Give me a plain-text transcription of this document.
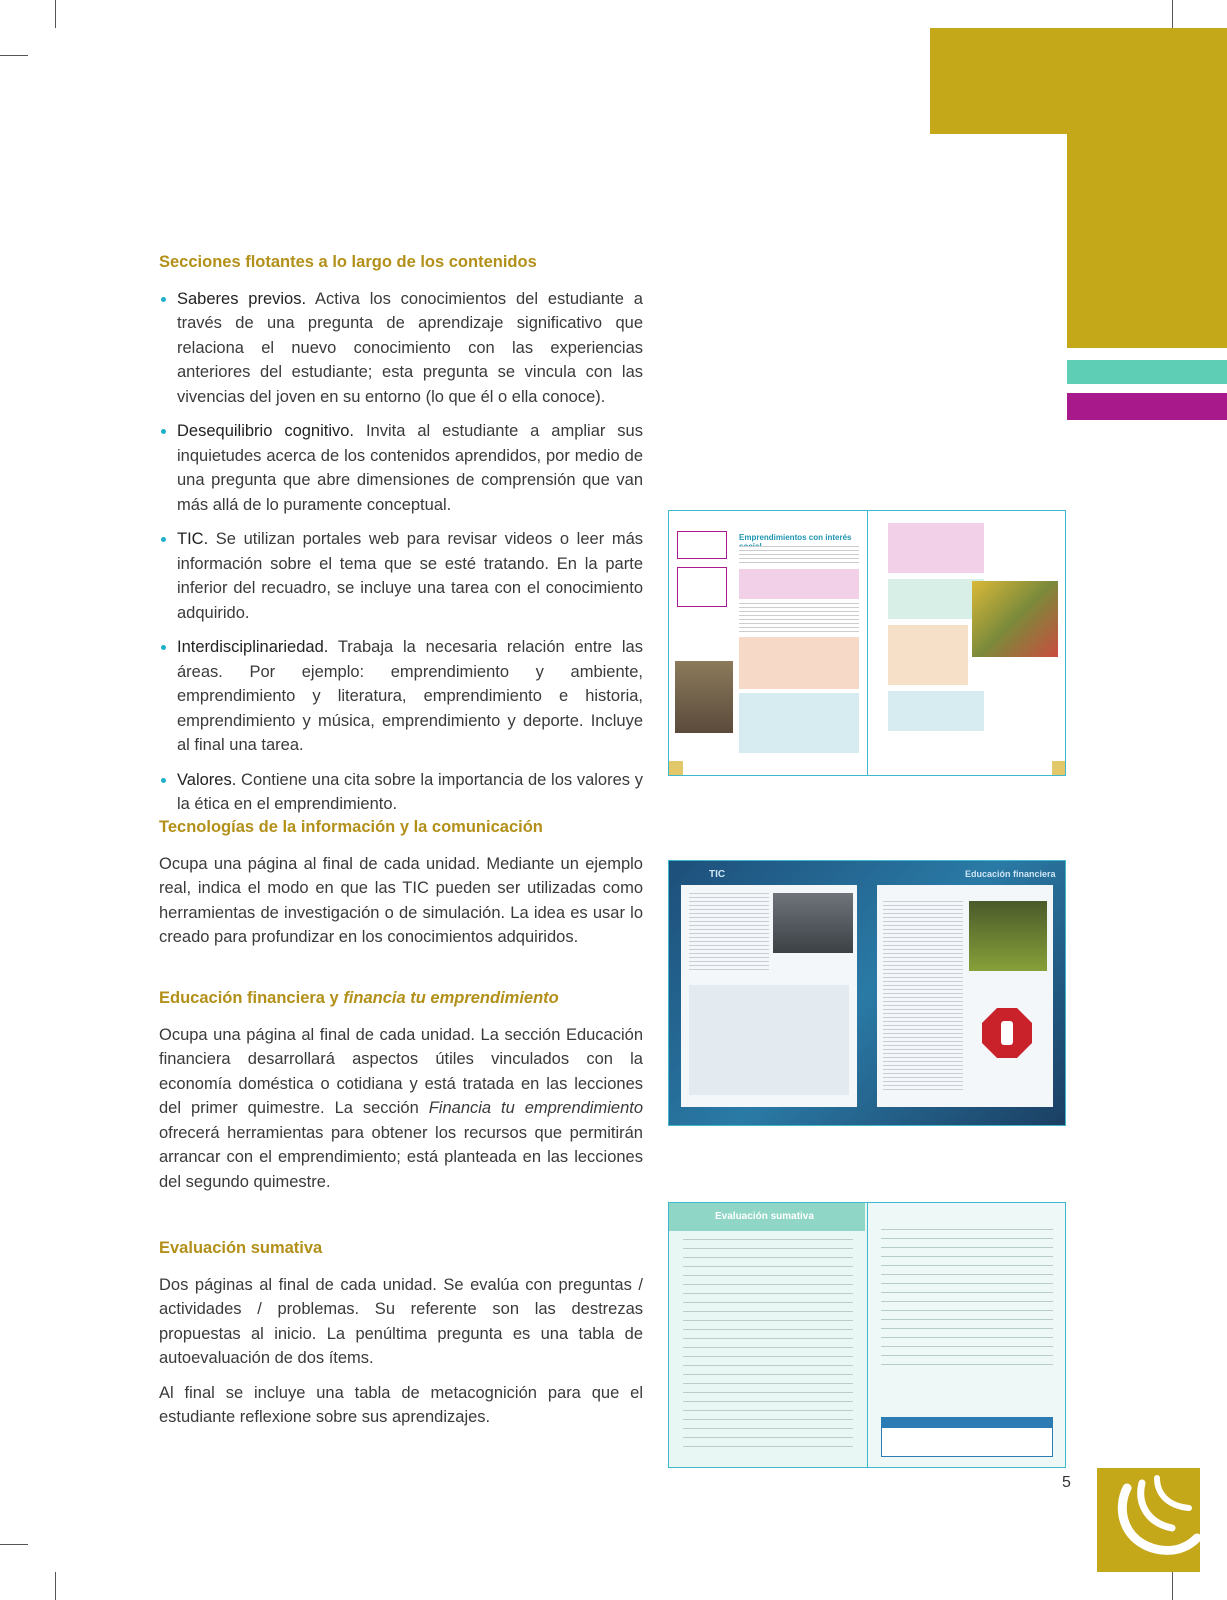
5
Secciones flotantes a lo largo de los contenidos
Saberes previos. Activa los conocimientos del estudiante a través de una pregunta de aprendizaje significativo que relaciona el nuevo conocimiento con las experiencias anteriores del estudiante; esta pregunta se vincula con las vivencias del joven en su entorno (lo que él o ella conoce).
Desequilibrio cognitivo. Invita al estudiante a ampliar sus inquietudes acerca de los contenidos aprendidos, por medio de una pregunta que abre dimensiones de comprensión que van más allá de lo puramente conceptual.
TIC. Se utilizan portales web para revisar videos o leer más información sobre el tema que se esté tratando. En la parte inferior del recuadro, se incluye una tarea con el conocimiento adquirido.
Interdisciplinariedad. Trabaja la necesaria relación entre las áreas. Por ejemplo: emprendimiento y ambiente, emprendimiento y literatura, emprendimiento e historia, emprendimiento y música, emprendimiento y deporte. Incluye al final una tarea.
Valores. Contiene una cita sobre la importancia de los valores y la ética en el emprendimiento.
Tecnologías de la información y la comunicación

Ocupa una página al final de cada unidad. Mediante un ejemplo real, indica el modo en que las TIC pueden ser utilizadas como herramientas de investigación o de simulación. La idea es usar lo creado para profundizar en los conocimientos adquiridos.

Educación financiera y financia tu emprendimiento

Ocupa una página al final de cada unidad. La sección Educación financiera desarrollará aspectos útiles vinculados con la economía doméstica o cotidiana y está tratada en las lecciones del primer quimestre. La sección Financia tu emprendimiento ofrecerá herramientas para obtener los recursos que permitirán arrancar con el emprendimiento; está planteada en las lecciones del segundo quimestre.

Evaluación sumativa

Dos páginas al final de cada unidad. Se evalúa con preguntas / actividades / problemas. Su referente son las destrezas propuestas al inicio. La penúltima pregunta es una tabla de autoevaluación de dos ítems.

Al final se incluye una tabla de metacognición para que el estudiante reflexione sobre sus aprendizajes.

Emprendimientos con interés
TIC	Educación financiera
Evaluación sumativa
